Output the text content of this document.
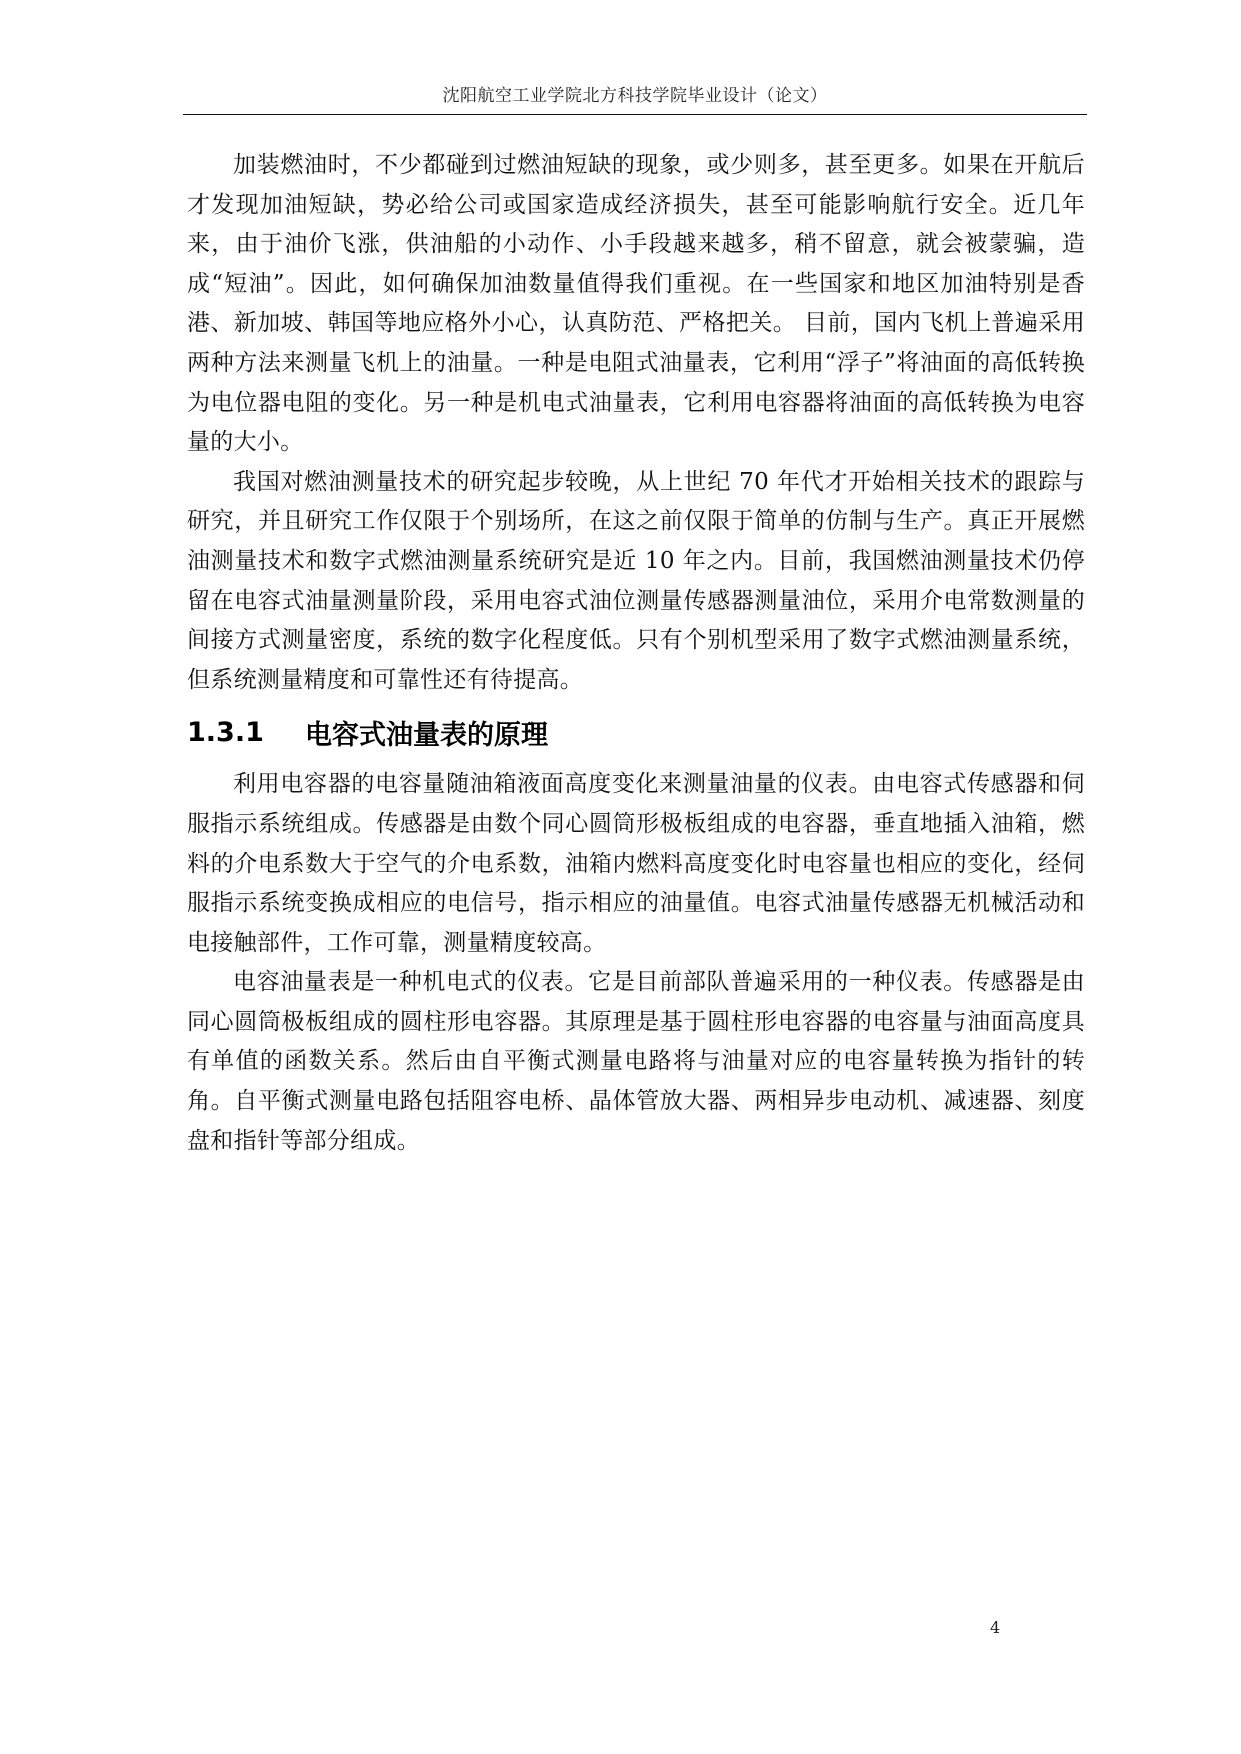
沈阳航空工业学院北方科技学院毕业设计（论文）

加装燃油时，不少都碰到过燃油短缺的现象，或少则多，甚至更多。如果在开航后才发现加油短缺，势必给公司或国家造成经济损失，甚至可能影响航行安全。近几年来，由于油价飞涨，供油船的小动作、小手段越来越多，稍不留意，就会被蒙骗，造成“短油”。因此，如何确保加油数量值得我们重视。在一些国家和地区加油特别是香港、新加坡、韩国等地应格外小心，认真防范、严格把关。 目前，国内飞机上普遍采用两种方法来测量飞机上的油量。一种是电阻式油量表，它利用“浮子”将油面的高低转换为电位器电阻的变化。另一种是机电式油量表，它利用电容器将油面的高低转换为电容量的大小。

我国对燃油测量技术的研究起步较晚，从上世纪 70 年代才开始相关技术的跟踪与研究，并且研究工作仅限于个别场所，在这之前仅限于简单的仿制与生产。真正开展燃油测量技术和数字式燃油测量系统研究是近 10 年之内。目前，我国燃油测量技术仍停留在电容式油量测量阶段，采用电容式油位测量传感器测量油位，采用介电常数测量的间接方式测量密度，系统的数字化程度低。只有个别机型采用了数字式燃油测量系统，但系统测量精度和可靠性还有待提高。

1.3.1	电容式油量表的原理

利用电容器的电容量随油箱液面高度变化来测量油量的仪表。由电容式传感器和伺服指示系统组成。传感器是由数个同心圆筒形极板组成的电容器，垂直地插入油箱，燃料的介电系数大于空气的介电系数，油箱内燃料高度变化时电容量也相应的变化，经伺服指示系统变换成相应的电信号，指示相应的油量值。电容式油量传感器无机械活动和电接触部件，工作可靠，测量精度较高。

电容油量表是一种机电式的仪表。它是目前部队普遍采用的一种仪表。传感器是由同心圆筒极板组成的圆柱形电容器。其原理是基于圆柱形电容器的电容量与油面高度具有单值的函数关系。然后由自平衡式测量电路将与油量对应的电容量转换为指针的转角。自平衡式测量电路包括阻容电桥、晶体管放大器、两相异步电动机、减速器、刻度盘和指针等部分组成。

4
